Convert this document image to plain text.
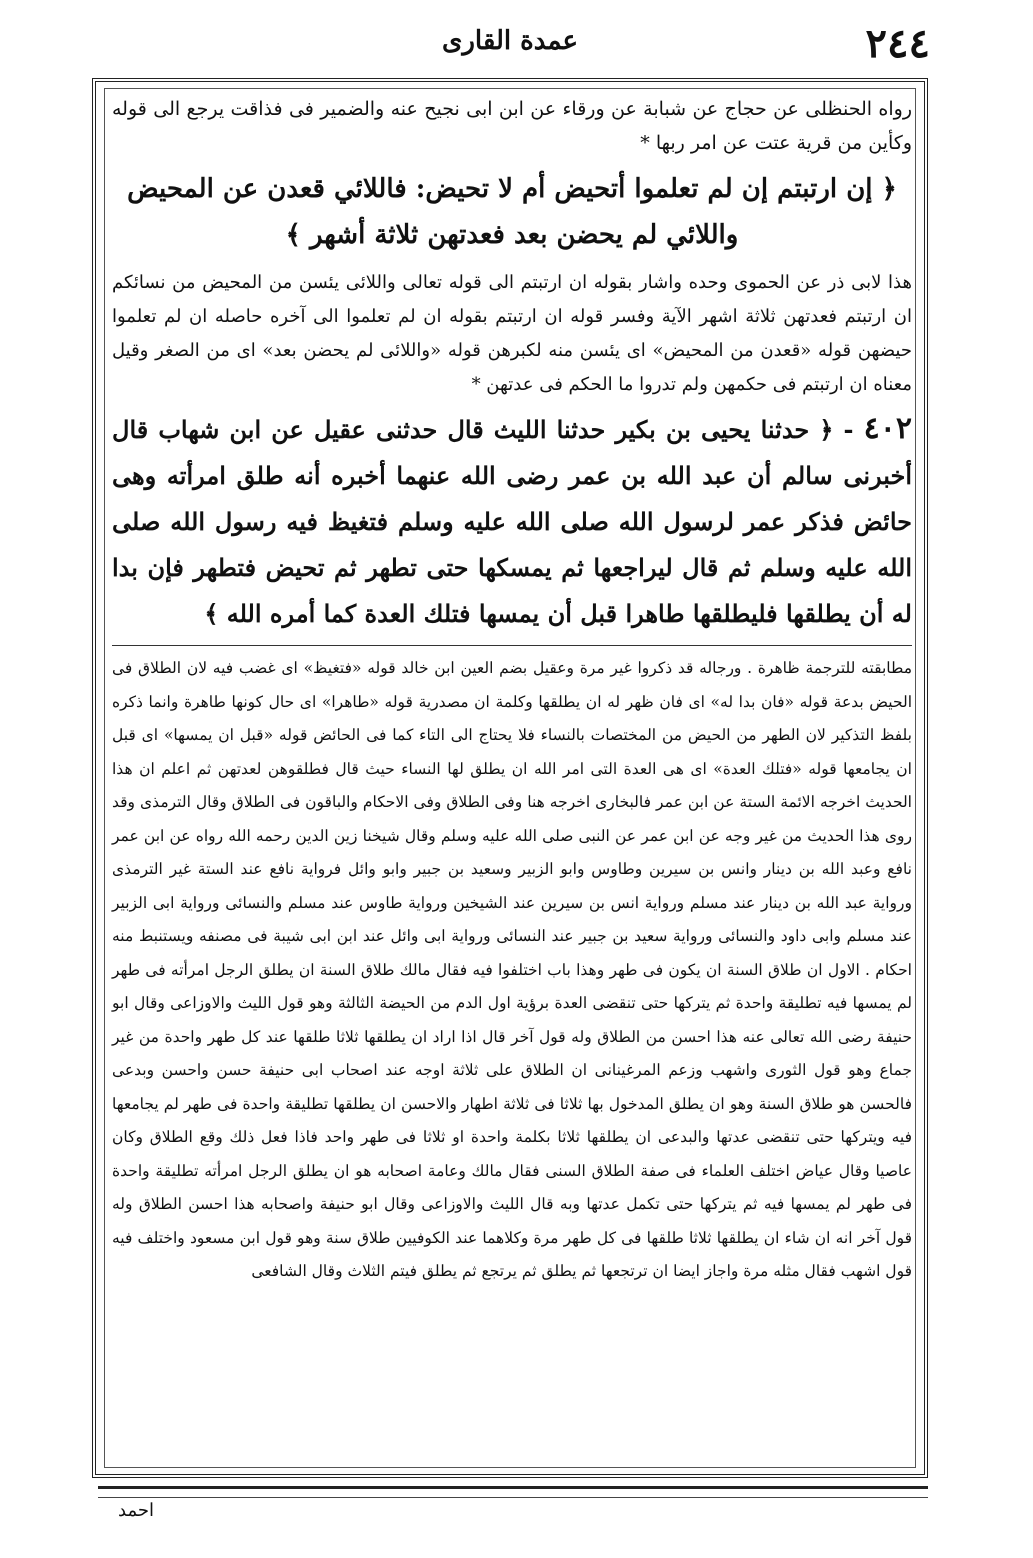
٢٤٤
عمدة القارى

رواه الحنظلى عن حجاج عن شبابة عن ورقاء عن ابن ابى نجيح عنه والضمير فى فذاقت يرجع الى قوله وكأين من قرية عتت عن امر ربها *

﴿ إن ارتبتم إن لم تعلموا أتحيض أم لا تحيض: فاللائي قعدن عن المحيض واللائي لم يحضن بعد فعدتهن ثلاثة أشهر ﴾

هذا لابى ذر عن الحموى وحده واشار بقوله ان ارتبتم الى قوله تعالى واللائى يئسن من المحيض من نسائكم ان ارتبتم فعدتهن ثلاثة اشهر الآية وفسر قوله ان ارتبتم بقوله ان لم تعلموا الى آخره حاصله ان لم تعلموا حيضهن قوله «قعدن من المحيض» اى يئسن منه لكبرهن قوله «واللائى لم يحضن بعد» اى من الصغر وقيل معناه ان ارتبتم فى حكمهن ولم تدروا ما الحكم فى عدتهن *

٤٠٢ - ﴿ حدثنا يحيى بن بكير حدثنا الليث قال حدثنى عقيل عن ابن شهاب قال أخبرنى سالم أن عبد الله بن عمر رضى الله عنهما أخبره أنه طلق امرأته وهى حائض فذكر عمر لرسول الله صلى الله عليه وسلم فتغيظ فيه رسول الله صلى الله عليه وسلم ثم قال ليراجعها ثم يمسكها حتى تطهر ثم تحيض فتطهر فإن بدا له أن يطلقها فليطلقها طاهرا قبل أن يمسها فتلك العدة كما أمره الله ﴾

مطابقته للترجمة ظاهرة . ورجاله قد ذكروا غير مرة وعقيل بضم العين ابن خالد قوله «فتغيظ» اى غضب فيه لان الطلاق فى الحيض بدعة قوله «فان بدا له» اى فان ظهر له ان يطلقها وكلمة ان مصدرية قوله «طاهرا» اى حال كونها طاهرة وانما ذكره بلفظ التذكير لان الطهر من الحيض من المختصات بالنساء فلا يحتاج الى التاء كما فى الحائض قوله «قبل ان يمسها» اى قبل ان يجامعها قوله «فتلك العدة» اى هى العدة التى امر الله ان يطلق لها النساء حيث قال فطلقوهن لعدتهن ثم اعلم ان هذا الحديث اخرجه الائمة الستة عن ابن عمر فالبخارى اخرجه هنا وفى الطلاق وفى الاحكام والباقون فى الطلاق وقال الترمذى وقد روى هذا الحديث من غير وجه عن ابن عمر عن النبى صلى الله عليه وسلم وقال شيخنا زين الدين رحمه الله رواه عن ابن عمر نافع وعبد الله بن دينار وانس بن سيرين وطاوس وابو الزبير وسعيد بن جبير وابو وائل فرواية نافع عند الستة غير الترمذى ورواية عبد الله بن دينار عند مسلم ورواية انس بن سيرين عند الشيخين ورواية طاوس عند مسلم والنسائى ورواية ابى الزبير عند مسلم وابى داود والنسائى ورواية سعيد بن جبير عند النسائى ورواية ابى وائل عند ابن ابى شيبة فى مصنفه ويستنبط منه احكام . الاول ان طلاق السنة ان يكون فى طهر وهذا باب اختلفوا فيه فقال مالك طلاق السنة ان يطلق الرجل امرأته فى طهر لم يمسها فيه تطليقة واحدة ثم يتركها حتى تنقضى العدة برؤية اول الدم من الحيضة الثالثة وهو قول الليث والاوزاعى وقال ابو حنيفة رضى الله تعالى عنه هذا احسن من الطلاق وله قول آخر قال اذا اراد ان يطلقها ثلاثا طلقها عند كل طهر واحدة من غير جماع وهو قول الثورى واشهب وزعم المرغينانى ان الطلاق على ثلاثة اوجه عند اصحاب ابى حنيفة حسن واحسن وبدعى فالحسن هو طلاق السنة وهو ان يطلق المدخول بها ثلاثا فى ثلاثة اطهار والاحسن ان يطلقها تطليقة واحدة فى طهر لم يجامعها فيه ويتركها حتى تنقضى عدتها والبدعى ان يطلقها ثلاثا بكلمة واحدة او ثلاثا فى طهر واحد فاذا فعل ذلك وقع الطلاق وكان عاصيا وقال عياض اختلف العلماء فى صفة الطلاق السنى فقال مالك وعامة اصحابه هو ان يطلق الرجل امرأته تطليقة واحدة فى طهر لم يمسها فيه ثم يتركها حتى تكمل عدتها وبه قال الليث والاوزاعى وقال ابو حنيفة واصحابه هذا احسن الطلاق وله قول آخر انه ان شاء ان يطلقها ثلاثا طلقها فى كل طهر مرة وكلاهما عند الكوفيين طلاق سنة وهو قول ابن مسعود واختلف فيه قول اشهب فقال مثله مرة واجاز ايضا ان ترتجعها ثم يطلق ثم يرتجع ثم يطلق فيتم الثلاث وقال الشافعى

احمد
